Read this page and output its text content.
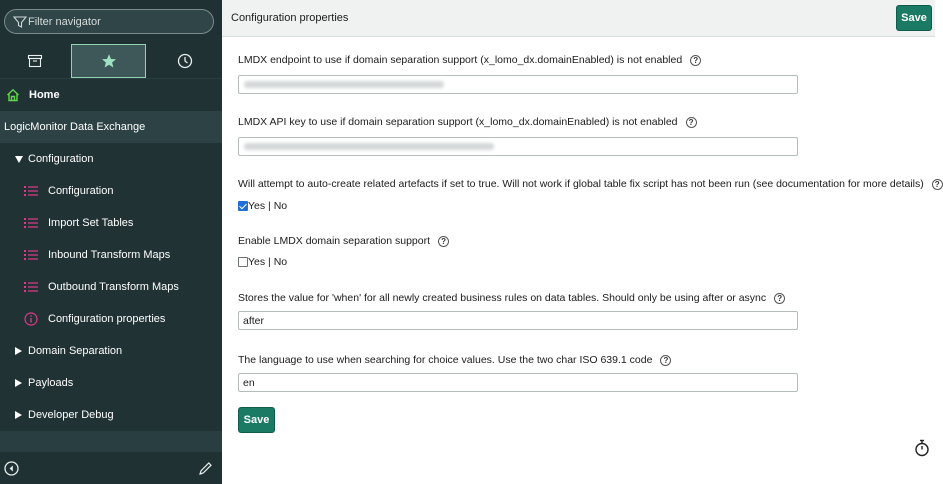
Filter navigator
Home
LogicMonitor Data Exchange
Configuration
Configuration
Import Set Tables
Inbound Transform Maps
Outbound Transform Maps
Configuration properties
Domain Separation
Payloads
Developer Debug
Configuration properties	Save
LMDX endpoint to use if domain separation support (x_lomo_dx.domainEnabled) is not enabled	?
LMDX API key to use if domain separation support (x_lomo_dx.domainEnabled) is not enabled	?
Will attempt to auto-create related artefacts if set to true. Will not work if global table fix script has not been run (see documentation for more details)	?
Yes | No
Enable LMDX domain separation support	?
Yes | No
Stores the value for 'when' for all newly created business rules on data tables. Should only be using after or async	?
after
The language to use when searching for choice values. Use the two char ISO 639.1 code	?
en
Save
